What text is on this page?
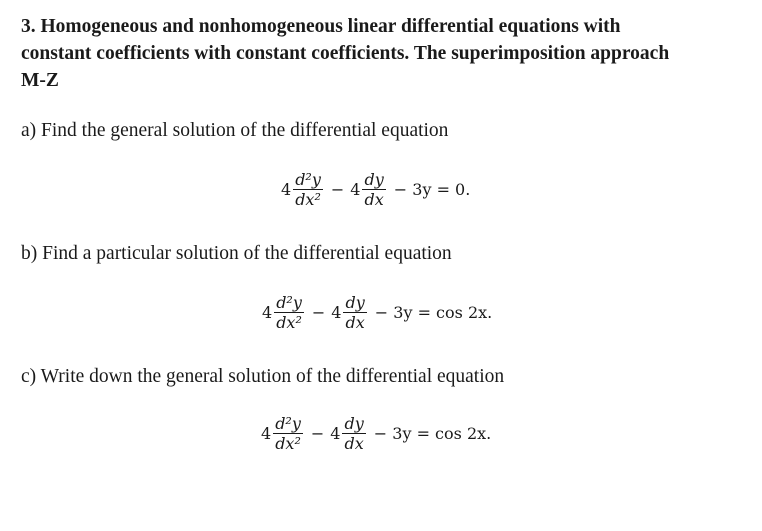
3. Homogeneous and nonhomogeneous linear differential equations with
constant coefficients with constant coefficients. The superimposition approach
M-Z
a) Find the general solution of the differential equation
$4 \frac{\text{d²y}}{\text{dx²}} - 4 \frac{dy}{dx} - 3y = 0$.
b) Find a particular solution of the differential equation
$4 \frac{\text{d²y}}{\text{dx²}} - 4 \frac{dy}{dx} - 3y = \cos 2x$.
c) Write down the general solution of the differential equation
$4 \frac{\text{d²y}}{\text{dx²}} - 4 \frac{dy}{dx} - 3y = \cos 2x$.
